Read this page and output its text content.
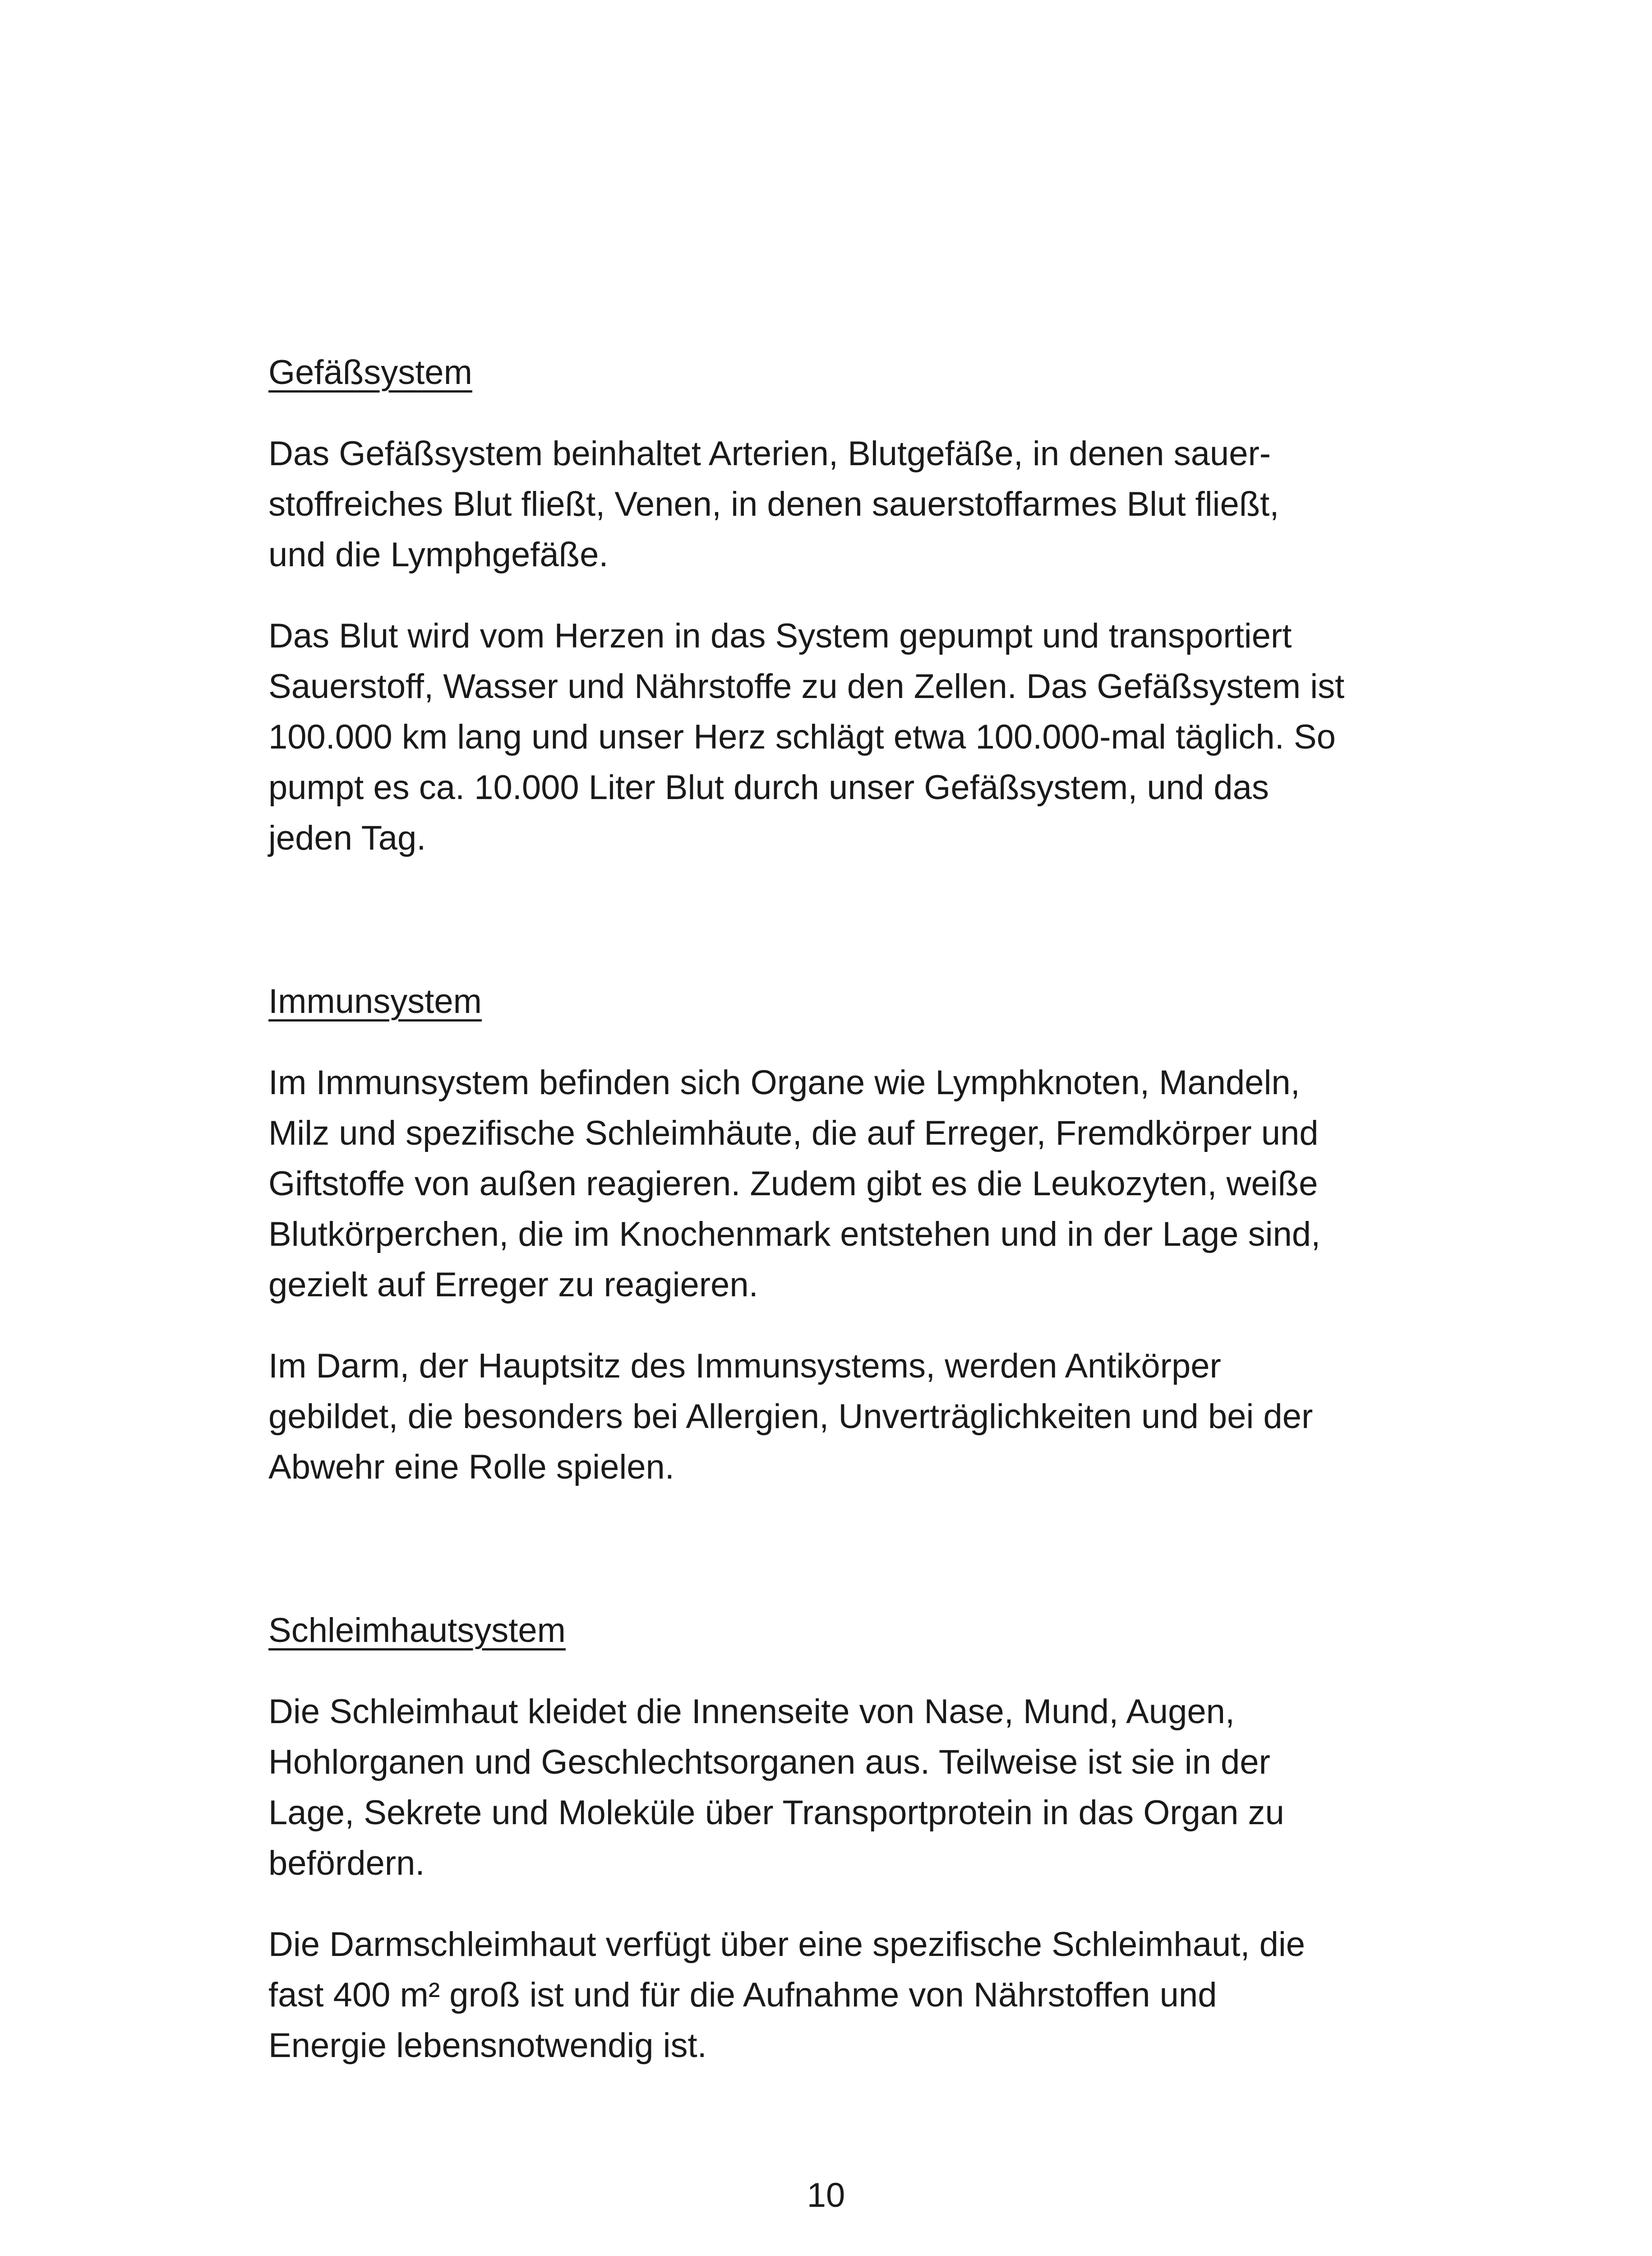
Gefäßsystem

Das Gefäßsystem beinhaltet Arterien, Blutgefäße, in denen sauer-
stoffreiches Blut fließt, Venen, in denen sauerstoffarmes Blut fließt,
und die Lymphgefäße.

Das Blut wird vom Herzen in das System gepumpt und transportiert
Sauerstoff, Wasser und Nährstoffe zu den Zellen. Das Gefäßsystem ist
100.000 km lang und unser Herz schlägt etwa 100.000-mal täglich. So
pumpt es ca. 10.000 Liter Blut durch unser Gefäßsystem, und das
jeden Tag.

Immunsystem

Im Immunsystem befinden sich Organe wie Lymphknoten, Mandeln,
Milz und spezifische Schleimhäute, die auf Erreger, Fremdkörper und
Giftstoffe von außen reagieren. Zudem gibt es die Leukozyten, weiße
Blutkörperchen, die im Knochenmark entstehen und in der Lage sind,
gezielt auf Erreger zu reagieren.

Im Darm, der Hauptsitz des Immunsystems, werden Antikörper
gebildet, die besonders bei Allergien, Unverträglichkeiten und bei der
Abwehr eine Rolle spielen.

Schleimhautsystem

Die Schleimhaut kleidet die Innenseite von Nase, Mund, Augen,
Hohlorganen und Geschlechtsorganen aus. Teilweise ist sie in der
Lage, Sekrete und Moleküle über Transportprotein in das Organ zu
befördern.

Die Darmschleimhaut verfügt über eine spezifische Schleimhaut, die
fast 400 m² groß ist und für die Aufnahme von Nährstoffen und
Energie lebensnotwendig ist.

10
